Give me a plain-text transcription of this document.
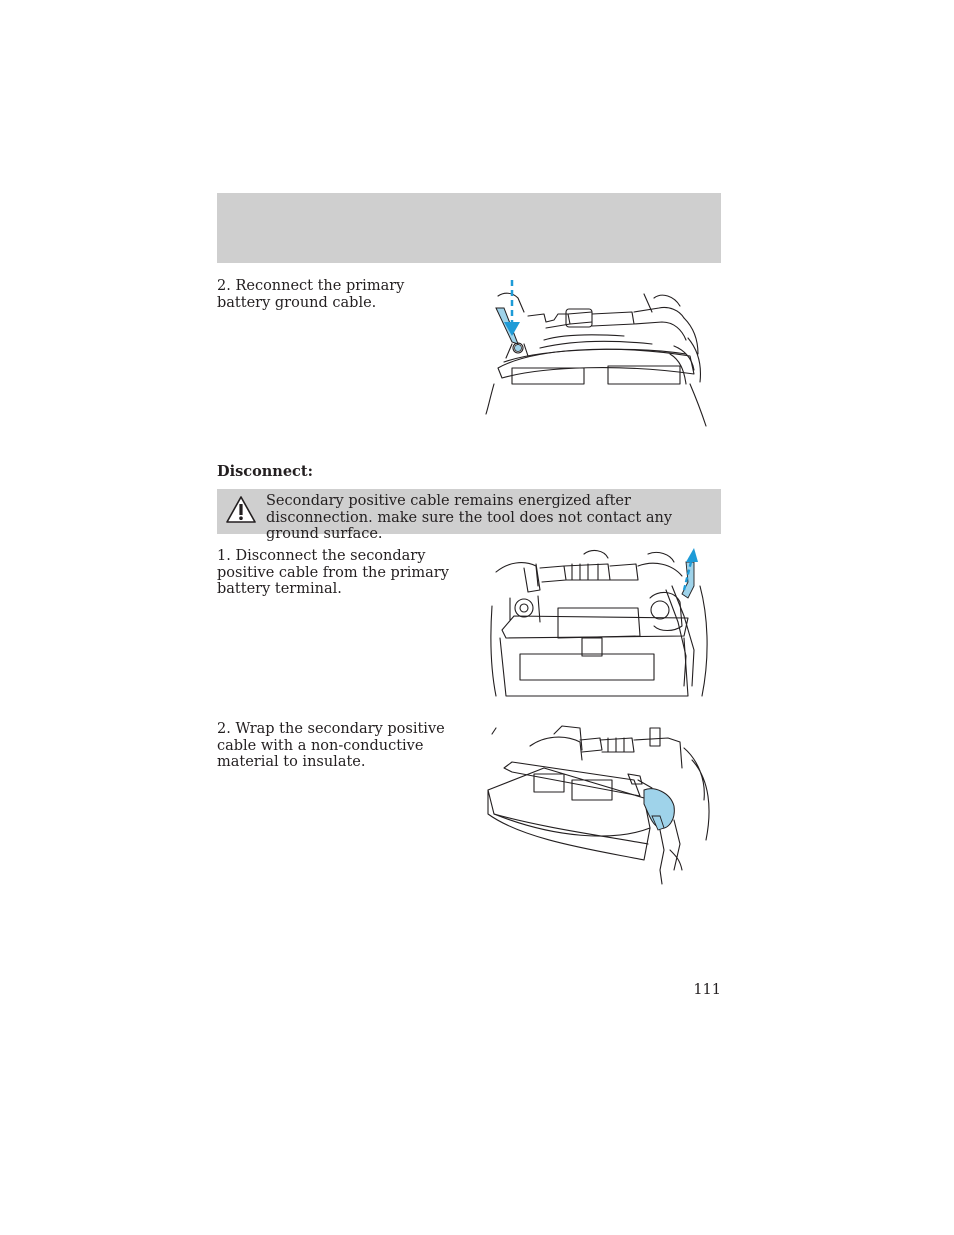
2. Reconnect the primary battery ground cable.
Disconnect:
Secondary positive cable remains energized after disconnection. make sure the tool does not contact any ground surface.
1. Disconnect the secondary positive cable from the primary battery terminal.
2. Wrap the secondary positive cable with a non-conductive material to insulate.
111
